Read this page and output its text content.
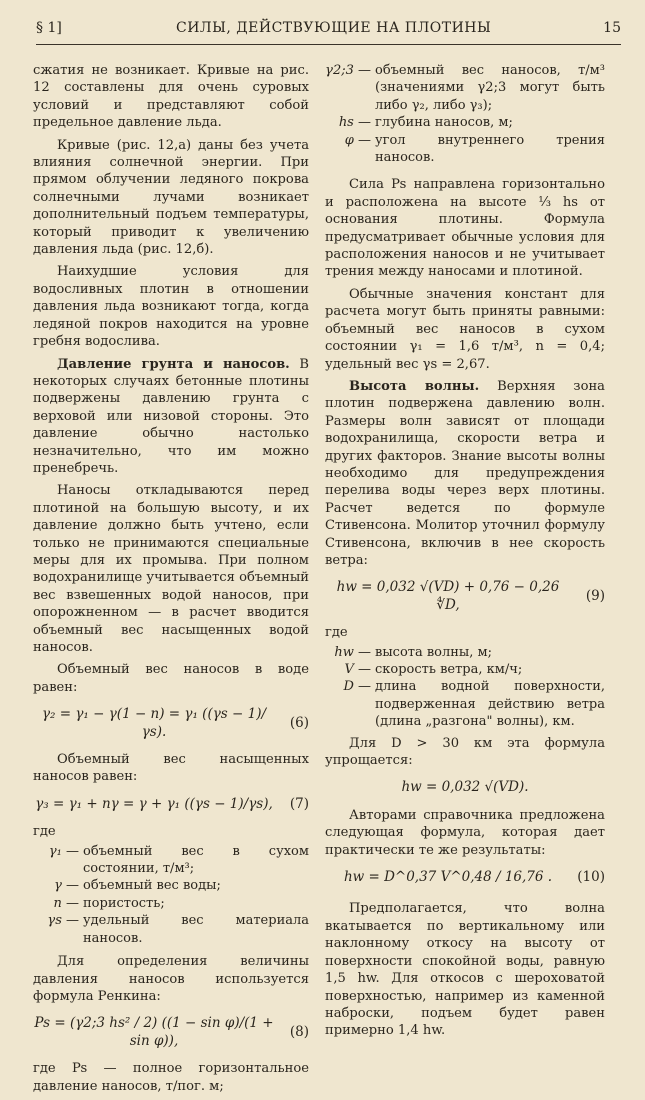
§ 1]	СИЛЫ, ДЕЙСТВУЮЩИЕ НА ПЛОТИНЫ	15

сжатия не возникает. Кривые на рис. 12 составлены для очень суровых условий и представляют собой предельное давление льда.

Кривые (рис. 12,а) даны без учета влияния солнечной энергии. При прямом облучении ледяного покрова солнечными лучами возникает дополнительный подъем температуры, который приводит к увеличению давления льда (рис. 12,б).

Наихудшие условия для водосливных плотин в отношении давления льда возникают тогда, когда ледяной покров находится на уровне гребня водослива.

Давление грунта и наносов. В некоторых случаях бетонные плотины подвержены давлению грунта с верховой или низовой стороны. Это давление обычно настолько незначительно, что им можно пренебречь.

Наносы откладываются перед плотиной на большую высоту, и их давление должно быть учтено, если только не принимаются специальные меры для их промыва. При полном водохранилище учитывается объемный вес взвешенных водой наносов, при опорожненном — в расчет вводится объемный вес насыщенных водой наносов.

Объемный вес наносов в воде равен:

γ₂ = γ₁ − γ(1 − n) = γ₁ ((γs − 1)/γs).
(6)

Объемный вес насыщенных наносов равен:

γ₃ = γ₁ + nγ = γ + γ₁ ((γs − 1)/γs),	(7)

где

γ₁ — объемный вес в сухом состоянии, т/м³;
γ — объемный вес воды;
n — пористость;
γs — удельный вес материала наносов.

Для определения величины давления наносов используется формула Ренкина:

Ps = (γ2;3 hs² / 2) ((1 − sin φ)/(1 + sin φ)),
(8)

где Ps — полное горизонтальное давление наносов, т/пог. м;

γ2;3 — объемный вес наносов, т/м³ (значениями γ2;3 могут быть либо γ₂, либо γ₃);
hs — глубина наносов, м;
φ — угол внутреннего трения наносов.

Сила Ps направлена горизонтально и расположена на высоте ⅓ hs от основания плотины. Формула предусматривает обычные условия для расположения наносов и не учитывает трения между наносами и плотиной.

Обычные значения констант для расчета могут быть приняты равными: объемный вес наносов в сухом состоянии γ₁ = 1,6 т/м³, n = 0,4; удельный вес γs = 2,67.

Высота волны. Верхняя зона плотин подвержена давлению волн. Размеры волн зависят от площади водохранилища, скорости ветра и других факторов. Знание высоты волны необходимо для предупреждения перелива воды через верх плотины. Расчет ведется по формуле Стивенсона. Молитор уточнил формулу Стивенсона, включив в нее скорость ветра:

hw = 0,032 √(VD) + 0,76 − 0,26 ∜D,
(9)

где

hw — высота волны, м;
V — скорость ветра, км/ч;
D — длина водной поверхности, подверженная действию ветра (длина „разгона" волны), км.

Для D > 30 км эта формула упрощается:

hw = 0,032 √(VD).

Авторами справочника предложена следующая формула, которая дает практически те же результаты:

hw = D^0,37 V^0,48 / 16,76 .	(10)

Предполагается, что волна вкатывается по вертикальному или наклонному откосу на высоту от поверхности спокойной воды, равную 1,5 hw. Для откосов с шероховатой поверхностью, например из каменной наброски, подъем будет равен примерно 1,4 hw.
